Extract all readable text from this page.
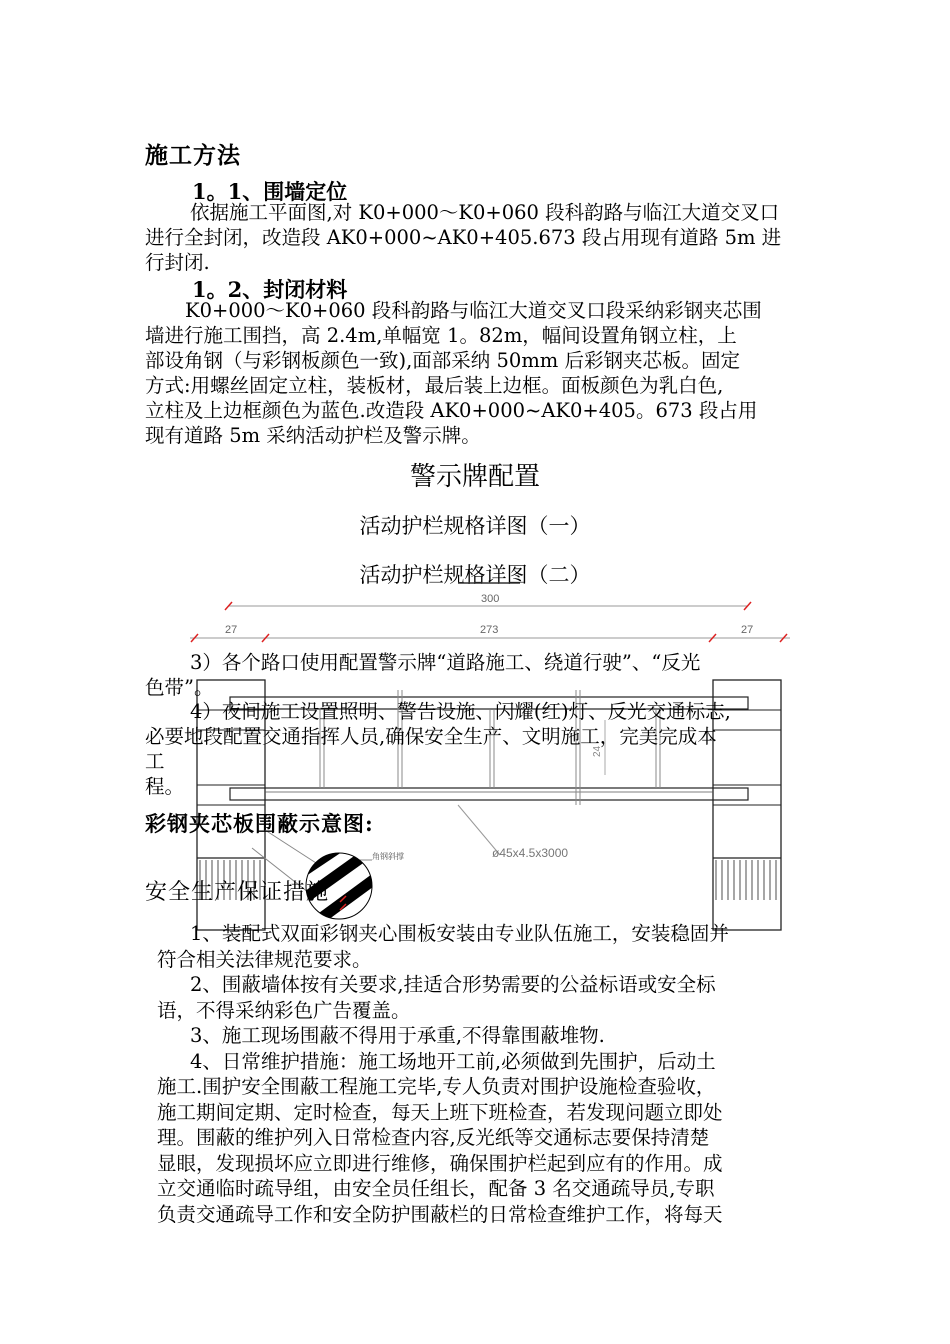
施工方法
1。1、围墙定位
依据施工平面图,对 K0+000～K0+060 段科韵路与临江大道交叉口
进行全封闭，改造段 AK0+000~AK0+405.673 段占用现有道路 5m 进
行封闭.
1。2、封闭材料
K0+000～K0+060 段科韵路与临江大道交叉口段采纳彩钢夹芯围
墙进行施工围挡，高 2.4m,单幅宽 1。82m，幅间设置角钢立柱，上
部设角钢（与彩钢板颜色一致),面部采纳 50mm 后彩钢夹芯板。固定
方式:用螺丝固定立柱，装板材，最后装上边框。面板颜色为乳白色,
立柱及上边框颜色为蓝色.改造段 AK0+000~AK0+405。673 段占用
现有道路 5m 采纳活动护栏及警示牌。
警示牌配置
活动护栏规格详图（一）
活动护栏规格详图（二）
300
27	273	27
24
ø45x4.5x3000
角钢斜撑
3）各个路口使用配置警示牌“道路施工、绕道行驶”、“反光
色带”。
4）夜间施工设置照明、警告设施、闪耀(红)灯、反光交通标志,
必要地段配置交通指挥人员,确保安全生产、文明施工，完美完成本
工
程。
彩钢夹芯板围蔽示意图:
安全生产保证措施
1、装配式双面彩钢夹心围板安装由专业队伍施工，安装稳固并
符合相关法律规范要求。
2、围蔽墙体按有关要求,挂适合形势需要的公益标语或安全标
语，不得采纳彩色广告覆盖。
3、施工现场围蔽不得用于承重,不得靠围蔽堆物.
4、日常维护措施：施工场地开工前,必须做到先围护，后动土
施工.围护安全围蔽工程施工完毕,专人负责对围护设施检查验收，
施工期间定期、定时检查，每天上班下班检查，若发现问题立即处
理。围蔽的维护列入日常检查内容,反光纸等交通标志要保持清楚
显眼，发现损坏应立即进行维修，确保围护栏起到应有的作用。成
立交通临时疏导组，由安全员任组长，配备 3 名交通疏导员,专职
负责交通疏导工作和安全防护围蔽栏的日常检查维护工作，将每天
